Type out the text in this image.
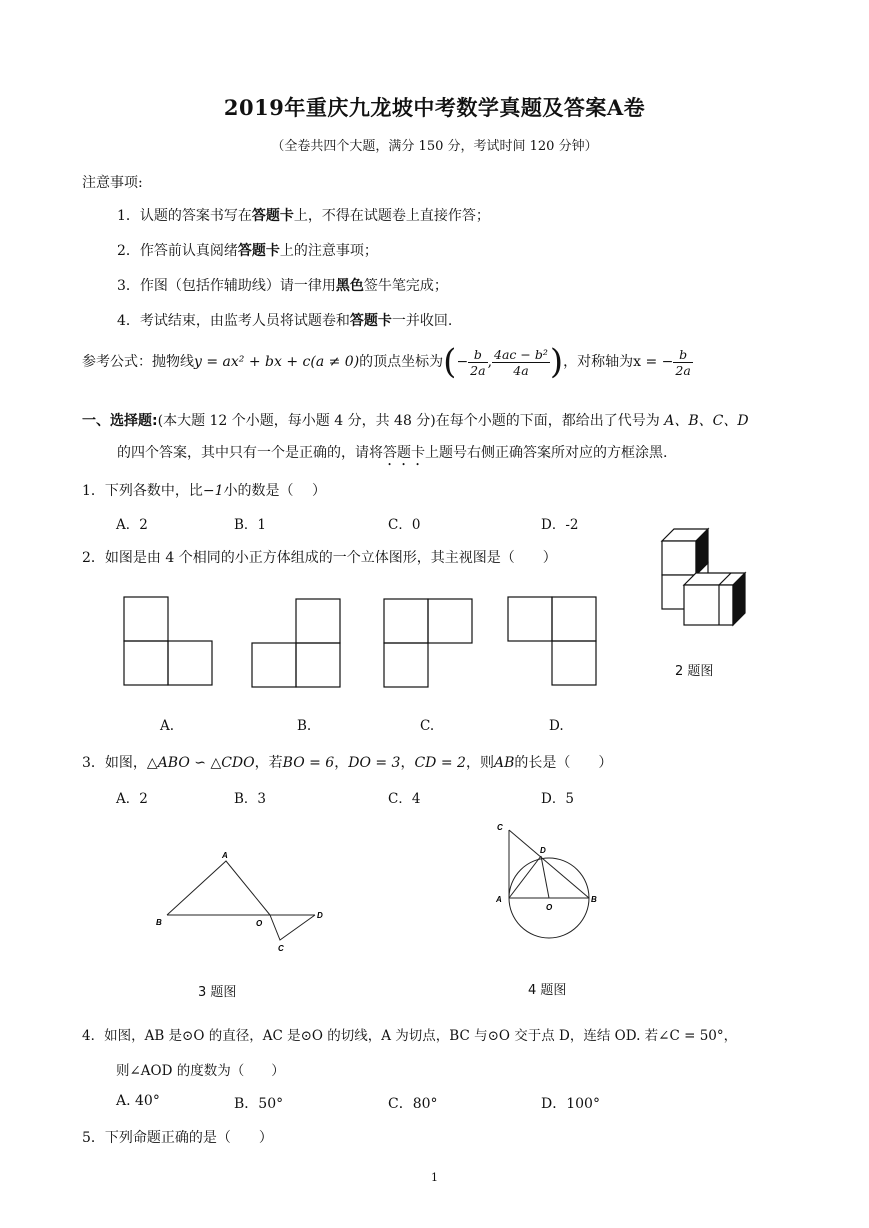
2019年重庆九龙坡中考数学真题及答案A卷
（全卷共四个大题，满分 150 分，考试时间 120 分钟）
注意事项:
1．认题的答案书写在答题卡上，不得在试题卷上直接作答；
2．作答前认真阅绪答题卡上的注意事项；
3．作图（包括作辅助线）请一律用黑色签牛笔完成；
4．考试结束，由监考人员将试题卷和答题卡一并收回.
参考公式：抛物线y = ax² + bx + c(a ≠ 0)的顶点坐标为(− $\frac{b}{2a}$ , $\frac{\text{4ac − b²}}{4a}$ )，对称轴为x = − $\frac{b}{2a}$
一、选择题:(本大题 12 个小题，每小题 4 分，共 48 分)在每个小题的下面，都给出了代号为 A、B、C、D
的四个答案，其中只有一个是正确的，请将答题卡上题号右侧正确答案所对应的方框涂黑.
1．下列各数中，比−1小的数是（　 ）
A．2	B．1	C．0	D．-2
2．如图是由 4 个相同的小正方体组成的一个立体图形，其主视图是（　　）
A.	B.	C.	D.
2 题图
3．如图，△ABO ∽ △CDO，若BO = 6，DO = 3，CD = 2，则AB的长是（　　）
A．2	B．3	C．4	D．5
A
B	O
C
D
3 题图
C
D
A
O
B
4 题图
4．如图，AB 是⊙O 的直径，AC 是⊙O 的切线，A 为切点，BC 与⊙O 交于点 D，连结 OD. 若∠C = 50°，
则∠AOD 的度数为（　　）
A. 40°	B．50°	C．80°	D．100°
5．下列命题正确的是（　　）
1
